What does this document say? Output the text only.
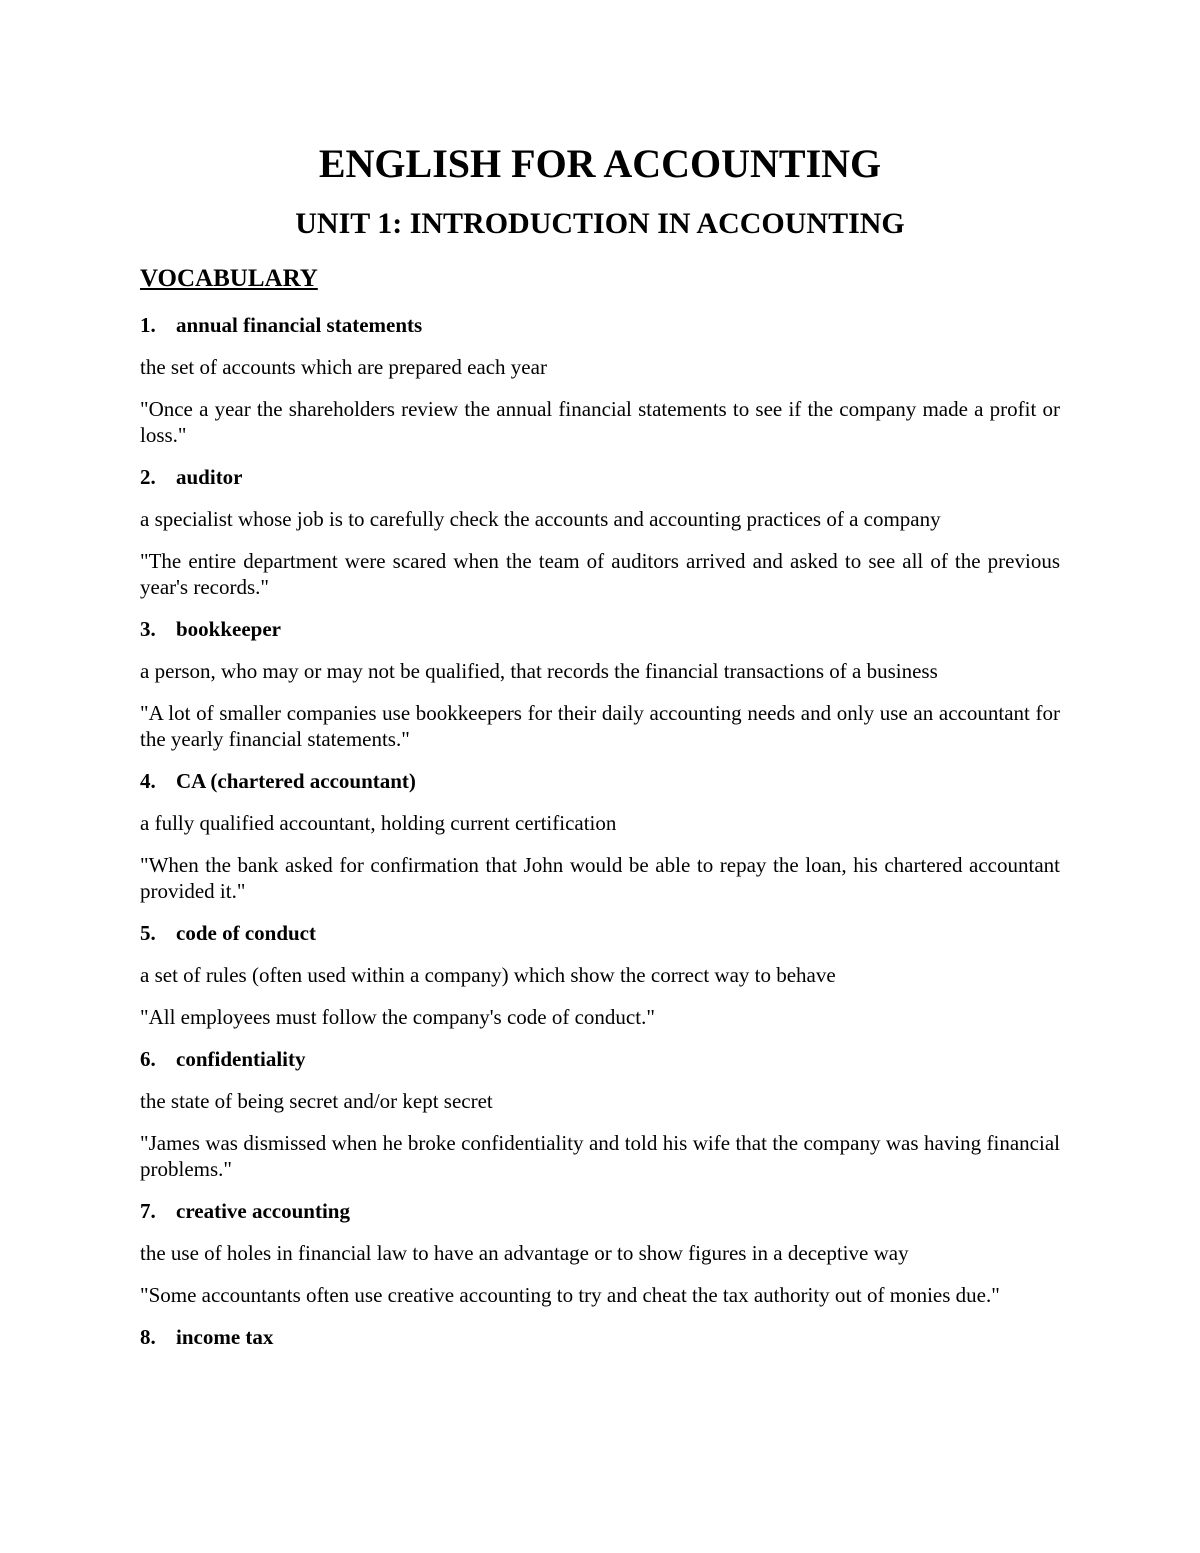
ENGLISH FOR ACCOUNTING
UNIT 1: INTRODUCTION IN ACCOUNTING
VOCABULARY
1. annual financial statements

the set of accounts which are prepared each year

"Once a year the shareholders review the annual financial statements to see if the company made a profit or loss."

2. auditor

a specialist whose job is to carefully check the accounts and accounting practices of a company

"The entire department were scared when the team of auditors arrived and asked to see all of the previous year's records."

3. bookkeeper

a person, who may or may not be qualified, that records the financial transactions of a business

"A lot of smaller companies use bookkeepers for their daily accounting needs and only use an accountant for the yearly financial statements."

4. CA (chartered accountant)

a fully qualified accountant, holding current certification

"When the bank asked for confirmation that John would be able to repay the loan, his chartered accountant provided it."

5. code of conduct

a set of rules (often used within a company) which show the correct way to behave

"All employees must follow the company's code of conduct."

6. confidentiality

the state of being secret and/or kept secret

"James was dismissed when he broke confidentiality and told his wife that the company was having financial problems."

7. creative accounting

the use of holes in financial law to have an advantage or to show figures in a deceptive way

"Some accountants often use creative accounting to try and cheat the tax authority out of monies due."

8. income tax
